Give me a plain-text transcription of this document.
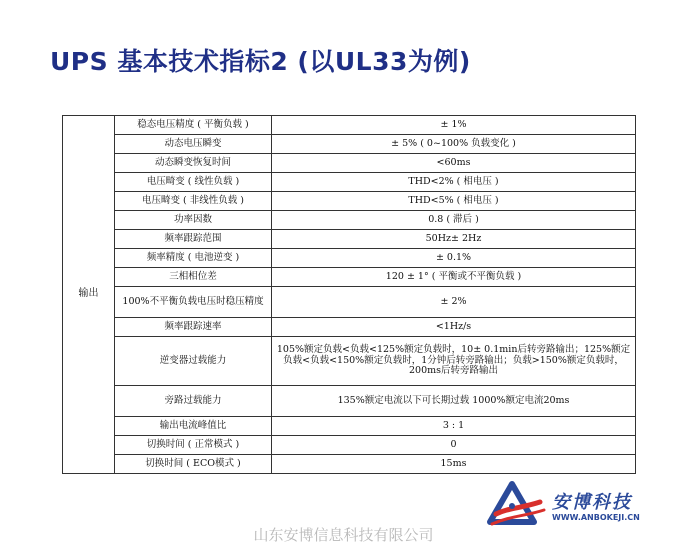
UPS 基本技术指标2 (以UL33为例)
输出	稳态电压精度 ( 平衡负载 )	± 1%
	动态电压瞬变	± 5% ( 0~100% 负载变化 )
	动态瞬变恢复时间	<60ms
	电压畸变 ( 线性负载 )	THD<2% ( 相电压 )
	电压畸变 ( 非线性负载 )	THD<5% ( 相电压 )
	功率因数	0.8 ( 滞后 )
	频率跟踪范围	50Hz± 2Hz
	频率精度 ( 电池逆变 )	± 0.1%
	三相相位差	120 ± 1° ( 平衡或不平衡负载 )
	100%不平衡负载电压时稳压精度	± 2%
	频率跟踪速率	<1Hz/s
	逆变器过载能力	105%额定负载<负载<125%额定负载时，10± 0.1min后转旁路输出；125%额定负载<负载<150%额定负载时，1分钟后转旁路输出；负载>150%额定负载时，200ms后转旁路输出
	旁路过载能力	135%额定电流以下可长期过载 1000%额定电流20ms
	输出电流峰值比	3 : 1
	切换时间 ( 正常模式 )	0
	切换时间 ( ECO模式 )	15ms
山东安博信息科技有限公司
安博科技
WWW.ANBOKEJI.CN
